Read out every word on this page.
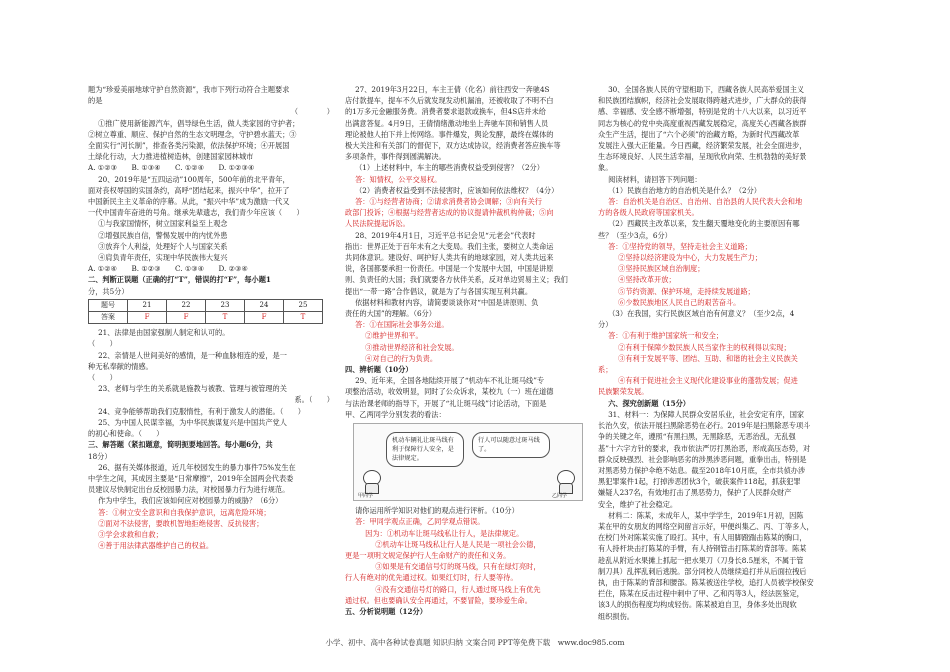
题为“珍爱美丽地球守护自然资源”，我市下列行动符合主题要求

的是

（　　　　）

①推广使用新能源汽车，倡导绿色生活，做人类家园的守护者；

②树立尊重、顺应、保护自然的生态文明理念，守护碧水蓝天；③

全面实行“河长制”，排查各类污染源，依法保护环境；④开展国

土绿化行动，大力推进植树造林，创建国家园林城市

A. ①②③　　B. ①③④　　C. ①②④　　D. ①②③④

20、2019年是“五四运动”100周年，500年前的北平青年，

面对丧权辱国的实国条约，高呼“团结起来，振兴中华”，拉开了

中国新民主主义革命的序幕。从此，“振兴中华”成为激励一代又

一代中国青年奋进的号角。继承先辈遗志，我们青少年应该（　　）

①与我家国情怀，树立国家利益至上观念

②增强民族自信，警惕发展中的内忧外患

③放弃个人利益，处理好个人与国家关系

④肩负青年责任，实现中华民族伟大复兴

A. ①②④　　B. ①②③　　C. ①③④　　D. ②③④

二、判断正误题（正确的打“T”，错误的打“F”，每小题1

分，共5分）

题号	21	22	23	24	25
答案	F	F	T	F	T

21、法律是由国家强制人制定和认可的。

（　　）

22、亲情是人世间美好的感情，是一种血脉相连的爱，是一

种无私奉献的情感。

（　　）

23、老师与学生的关系就是施教与被教、管理与被管理的关

系。（　　）

24、竞争能够帮助我们克服惰性，有利于激发人的潜能。（　　）

25、为中国人民谋幸福，为中华民族谋复兴是中国共产党人

的初心和使命。（　　）

三、解答题（紧扣题意，简明扼要地回答。每小题6分，共

18分）

26、据有关媒体报道，近几年校园发生的暴力事件75%发生在

中学生之间，其成因主要是“日常摩擦”，2019年全国两会代表委

员建议尽快制定出台反校园暴力法，对校园暴力行为进行规范。

作为中学生，我们应该如何应对校园暴力的威胁？（6分）

答：①树立安全意识和自我保护意识，远离危险环境；

②面对不法侵害，要敢机智地拒绝侵害、反抗侵害；

③学会求救和自救；

④善于用法律武器维护自己的权益。

27、2019年3月22日，车主王倩（化名）前往西安一奔驰4S

店付款提车，提车不久后就发现发动机漏油，还被收取了不明不白

的1万多元金融服务费。消费者要求退款或换车，但4S店并未给

出满意答复。4月9日，王倩情绪激动地坐上奔驰车顶和销售人员

理论被他人拍下并上传网络。事件爆发，舆论发酵，最终在媒体的

极大关注和有关部门的督促下，双方达成协议，经消费者答应换车等

多项条件，事件得到圆满解决。

（1）上述材料中，车主的哪些消费权益受到侵害？（2分）

答：知情权，公平交易权。

（2）消费者权益受到不法侵害时，应该如何依法维权？（4分）

答：①与经营者协商；②请求消费者协会调解；③向有关行

政部门投诉；④根据与经营者达成的协议提请仲裁机构仲裁；⑤向

人民法院提起诉讼。

28、2019年4月1日，习近平总书记会见“元老会”代表时

指出：世界正处于百年未有之大变局。我们主张，要树立人类命运

共同体意识。建设好、呵护好人类共有的地球家园，对人类共远来

说，各国都要承担一份责任。中国是一个发展中大国，中国是讲原

则、负责任的大国；我们就要各方伙伴关系，反对单边贸易主义；我们

提出“一带一路”合作倡议，就是为了与各国实现互利共赢。

依据材料和教材内容，请简要谈谈你对“中国是讲原则、负

责任的大国”的理解。（6分）

答：①在国际社会事务公道。

②维护世界和平。

③推动世界经济和社会发展。

④对自己的行为负责。

四、辨析题（10分）

29、近年来，全国各地陆续开展了“机动车不礼让斑马线”专

项整治活动，收效明显，同时了公众诉求，某校九（一）班在道德

与法治课老师的指导下，开展了“礼让斑马线”讨论活动，下面是

甲、乙两同学分别发表的看法：

机动车辆礼让斑马线有利于保障行人安全，是法律规定。
行人可以随意过斑马线了。
甲同学	乙同学

请你运用所学知识对他们的观点进行评析。（10分）

答：甲同学观点正确，乙同学观点错误。

因为：①机动车让斑马线私让行人，是法律规定。

②机动车让斑马线私让行人是人民是一项社会公德，

更是一项明文规定保护行人生命财产的责任和义务。

③如果是有交通信号灯的斑马线，只有在绿灯亮时，

行人有绝对的优先通过权。如果红灯时，行人要等待。

④没有交通信号灯的路口，行人通过斑马线上有优先

通过权。但也要确认安全再通过，不要冒险，要珍爱生命。

五、分析说明题（12分）

30、全国各族人民的守望相助下，西藏各族人民高举爱国主义

和民族团结旗帜，经济社会发展取得跨越式进步，广大群众的获得

感、幸福感、安全感不断增强，特别是党的十八大以来，以习近平

同志为核心的党中央高度重视西藏发展稳定，高度关心西藏各族群

众生产生活，提出了“六个必须”的治藏方略，为新时代西藏改革

发展注入强大正能量。今日西藏，经济繁荣发展，社会全面进步，

生态环境良好、人民生活幸福，呈现欣欣向荣、生机勃勃的美好景

象。

阅读材料，请回答下列问题：

（1）民族自治地方的自治机关是什么？（2分）

答：自治机关是自治区、自治州、自治县的人民代表大会和地

方的各级人民政府等国家机关。

（2）西藏民主改革以来，发生翻天覆地变化的主要原因有哪

些？（至少3点，6分）

答：①坚持党的领导，坚持走社会主义道路；

②坚持以经济建设为中心，大力发展生产力；

③坚持民族区域自治制度；

④坚持改革开放；

⑤节约资源、保护环境，走持续发展道路；

⑥少数民族地区人民自己的艰苦奋斗。

（3）在我国，实行民族区域自治有何意义？（至少2点，4

分）

答：①有利于维护国家统一和安全；

②有利于保障少数民族人民当家作主的权利得以实现；

③有利于发展平等、团结、互助、和谐的社会主义民族关

系；

④有利于促进社会主义现代化建设事业的蓬勃发展；促进

民族繁荣发展。

六、探究创新题（15分）

31、材料一：为保障人民群众安居乐业，社会安定有序，国家

长治久安，依法开展扫黑除恶势在必行。2019年是扫黑除恶专项斗

争的关键之年，遵照“有黑扫黑，无黑除恶，无恶治乱，无乱强

基”十六字方针的要求，我市依法严厉打黑治恶，形成高压态势，对

群众反映强烈、社会影响恶劣的涉黑涉恶问题，重拳出击，特别是

对黑恶势力保护伞绝不姑息。截至2018年10月底，全市共侦办涉

黑犯罪案件1起，打掉涉恶团伙3个，破获案件118起，抓获犯罪

嫌疑人237名，有效地打击了黑恶势力，保护了人民群众财产

安全，维护了社会稳定。

材料二：陈某，未成年人，某中学学生，2019年1月初，因陈

某在甲的女朋友的网络空间留言示好，甲便纠集乙、丙、丁等多人，

在校门外对陈某实施了殴打。其中，有人用脚蹬踹击陈某的胸口，

有人持杆块击打陈某的手臂，有人持钢管击打陈某的背部等。陈某

趁乱从附近水果摊上抓起一把水果刀（刀身长8.5厘米，不属于管

制刀具）乱挥乱刺后逃脱。部分同校人员继续追打并从后面拉拽后

执，由于陈某的背部和腰部。陈某被送往学校，追打人员被学校保安

拦住，陈某在反击过程中刺中了甲、乙和丙等3人，经法医鉴定，

该3人的损伤程度均构成轻伤。陈某被迫自卫，身体多处出现软

组织损伤。

小学、初中、高中各种试卷真题 知识归纳 文案合同 PPT等免费下载　www.doc985.com
